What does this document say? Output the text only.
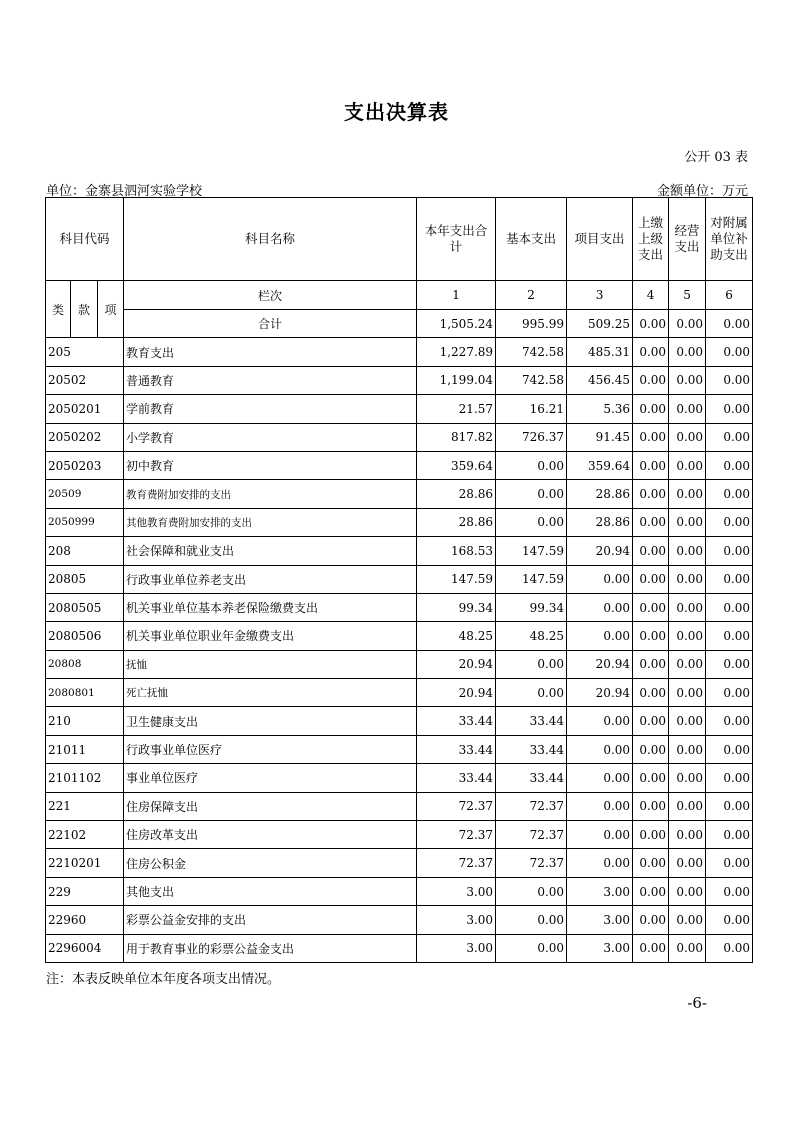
支出决算表
公开 03 表
单位：金寨县泗河实验学校	金额单位：万元
科目代码			科目名称	本年支出合计	基本支出	项目支出	上缴上级支出	经营支出	对附属单位补助支出
类	款	项	栏次	1	2	3	4	5	6
			合计	1,505.24	995.99	509.25	0.00	0.00	0.00
205			教育支出	1,227.89	742.58	485.31	0.00	0.00	0.00
20502			普通教育	1,199.04	742.58	456.45	0.00	0.00	0.00
2050201			学前教育	21.57	16.21	5.36	0.00	0.00	0.00
2050202			小学教育	817.82	726.37	91.45	0.00	0.00	0.00
2050203			初中教育	359.64	0.00	359.64	0.00	0.00	0.00
20509			教育费附加安排的支出	28.86	0.00	28.86	0.00	0.00	0.00
2050999			其他教育费附加安排的支出	28.86	0.00	28.86	0.00	0.00	0.00
208			社会保障和就业支出	168.53	147.59	20.94	0.00	0.00	0.00
20805			行政事业单位养老支出	147.59	147.59	0.00	0.00	0.00	0.00
2080505			机关事业单位基本养老保险缴费支出	99.34	99.34	0.00	0.00	0.00	0.00
2080506			机关事业单位职业年金缴费支出	48.25	48.25	0.00	0.00	0.00	0.00
20808			抚恤	20.94	0.00	20.94	0.00	0.00	0.00
2080801			死亡抚恤	20.94	0.00	20.94	0.00	0.00	0.00
210			卫生健康支出	33.44	33.44	0.00	0.00	0.00	0.00
21011			行政事业单位医疗	33.44	33.44	0.00	0.00	0.00	0.00
2101102			事业单位医疗	33.44	33.44	0.00	0.00	0.00	0.00
221			住房保障支出	72.37	72.37	0.00	0.00	0.00	0.00
22102			住房改革支出	72.37	72.37	0.00	0.00	0.00	0.00
2210201			住房公积金	72.37	72.37	0.00	0.00	0.00	0.00
229			其他支出	3.00	0.00	3.00	0.00	0.00	0.00
22960			彩票公益金安排的支出	3.00	0.00	3.00	0.00	0.00	0.00
2296004			用于教育事业的彩票公益金支出	3.00	0.00	3.00	0.00	0.00	0.00
注：本表反映单位本年度各项支出情况。
-6-
